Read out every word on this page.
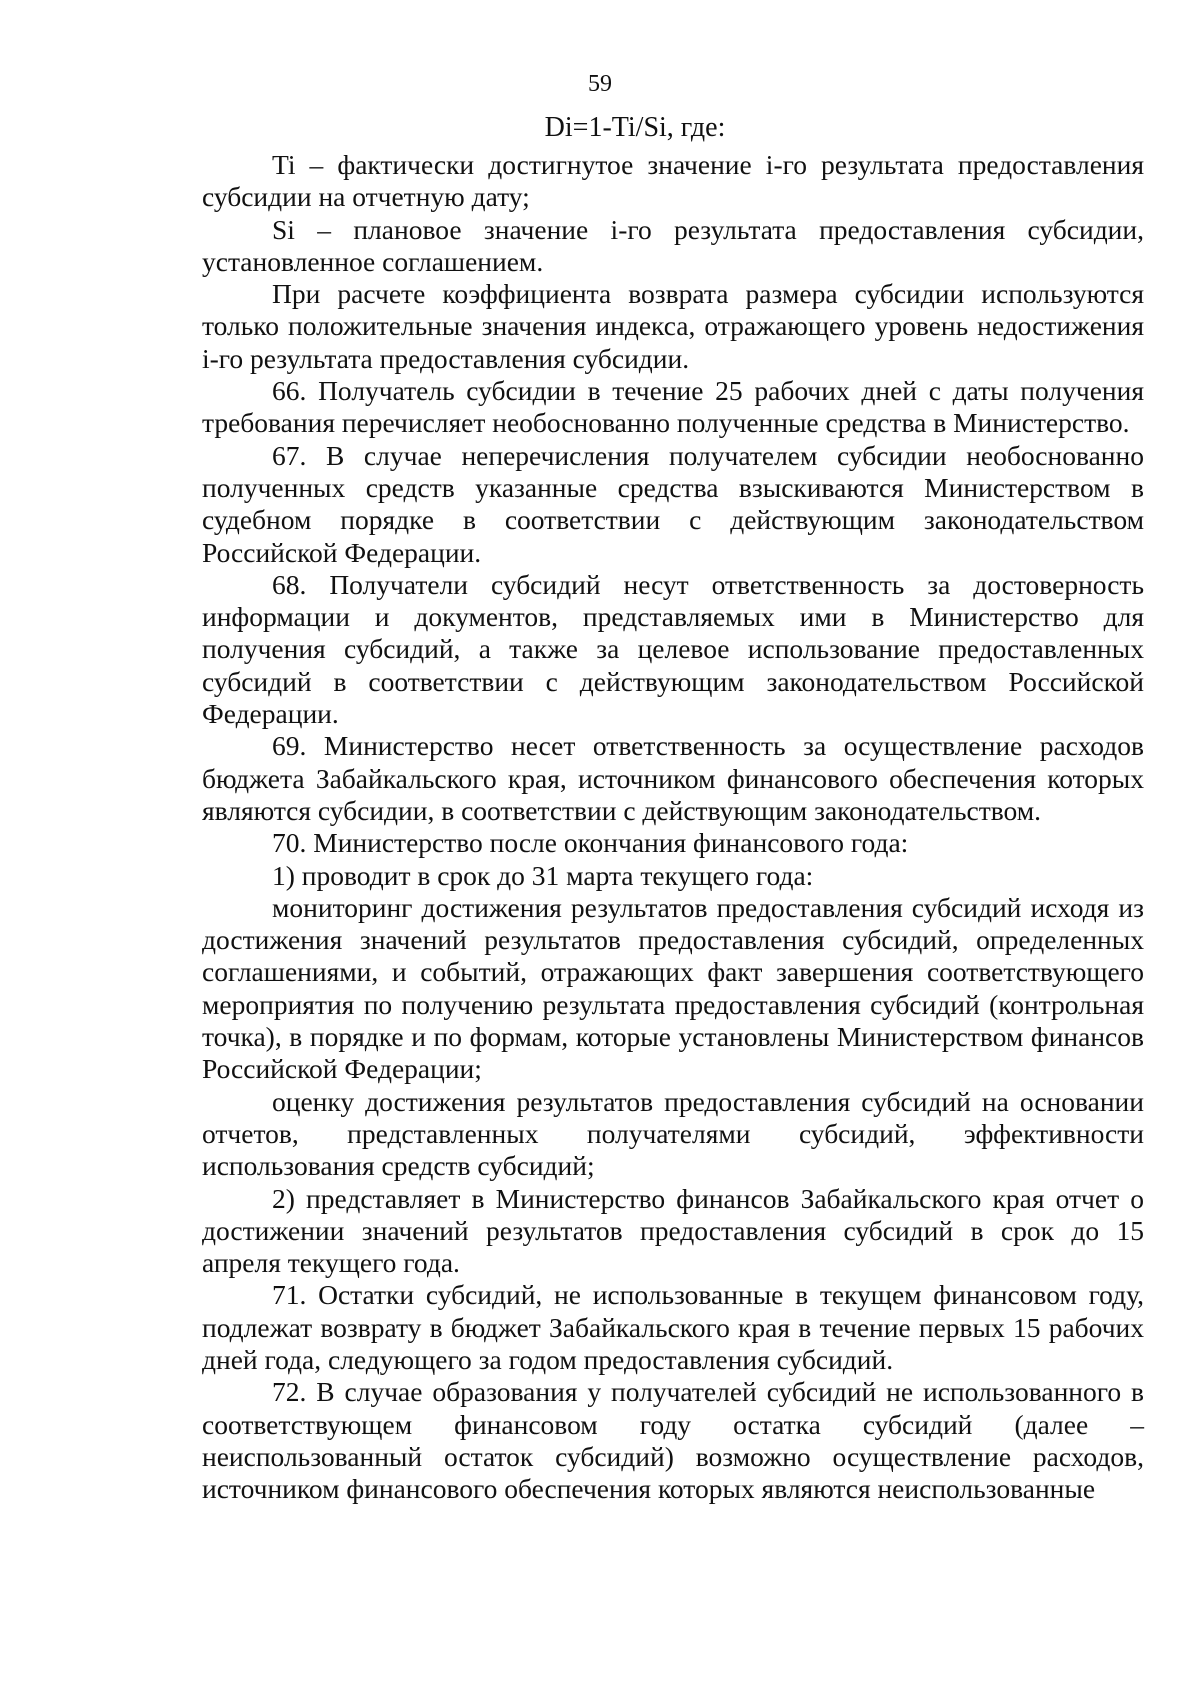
59
Di=1-Ti/Si, где:

Ti – фактически достигнутое значение i-го результата предоставления субсидии на отчетную дату;

Si – плановое значение i-го результата предоставления субсидии, установленное соглашением.

При расчете коэффициента возврата размера субсидии используются только положительные значения индекса, отражающего уровень недостижения i-го результата предоставления субсидии.

66. Получатель субсидии в течение 25 рабочих дней с даты получения требования перечисляет необоснованно полученные средства в Министерство.

67. В случае неперечисления получателем субсидии необоснованно полученных средств указанные средства взыскиваются Министерством в судебном порядке в соответствии с действующим законодательством Российской Федерации.

68. Получатели субсидий несут ответственность за достоверность информации и документов, представляемых ими в Министерство для получения субсидий, а также за целевое использование предоставленных субсидий в соответствии с действующим законодательством Российской Федерации.

69. Министерство несет ответственность за осуществление расходов бюджета Забайкальского края, источником финансового обеспечения которых являются субсидии, в соответствии с действующим законодательством.

70. Министерство после окончания финансового года:

1) проводит в срок до 31 марта текущего года:

мониторинг достижения результатов предоставления субсидий исходя из достижения значений результатов предоставления субсидий, определенных соглашениями, и событий, отражающих факт завершения соответствующего мероприятия по получению результата предоставления субсидий (контрольная точка), в порядке и по формам, которые установлены Министерством финансов Российской Федерации;

оценку достижения результатов предоставления субсидий на основании отчетов, представленных получателями субсидий, эффективности использования средств субсидий;

2) представляет в Министерство финансов Забайкальского края отчет о достижении значений результатов предоставления субсидий в срок до 15 апреля текущего года.

71. Остатки субсидий, не использованные в текущем финансовом году, подлежат возврату в бюджет Забайкальского края в течение первых 15 рабочих дней года, следующего за годом предоставления субсидий.

72. В случае образования у получателей субсидий не использованного в соответствующем финансовом году остатка субсидий (далее – неиспользованный остаток субсидий) возможно осуществление расходов, источником финансового обеспечения которых являются неиспользованные
